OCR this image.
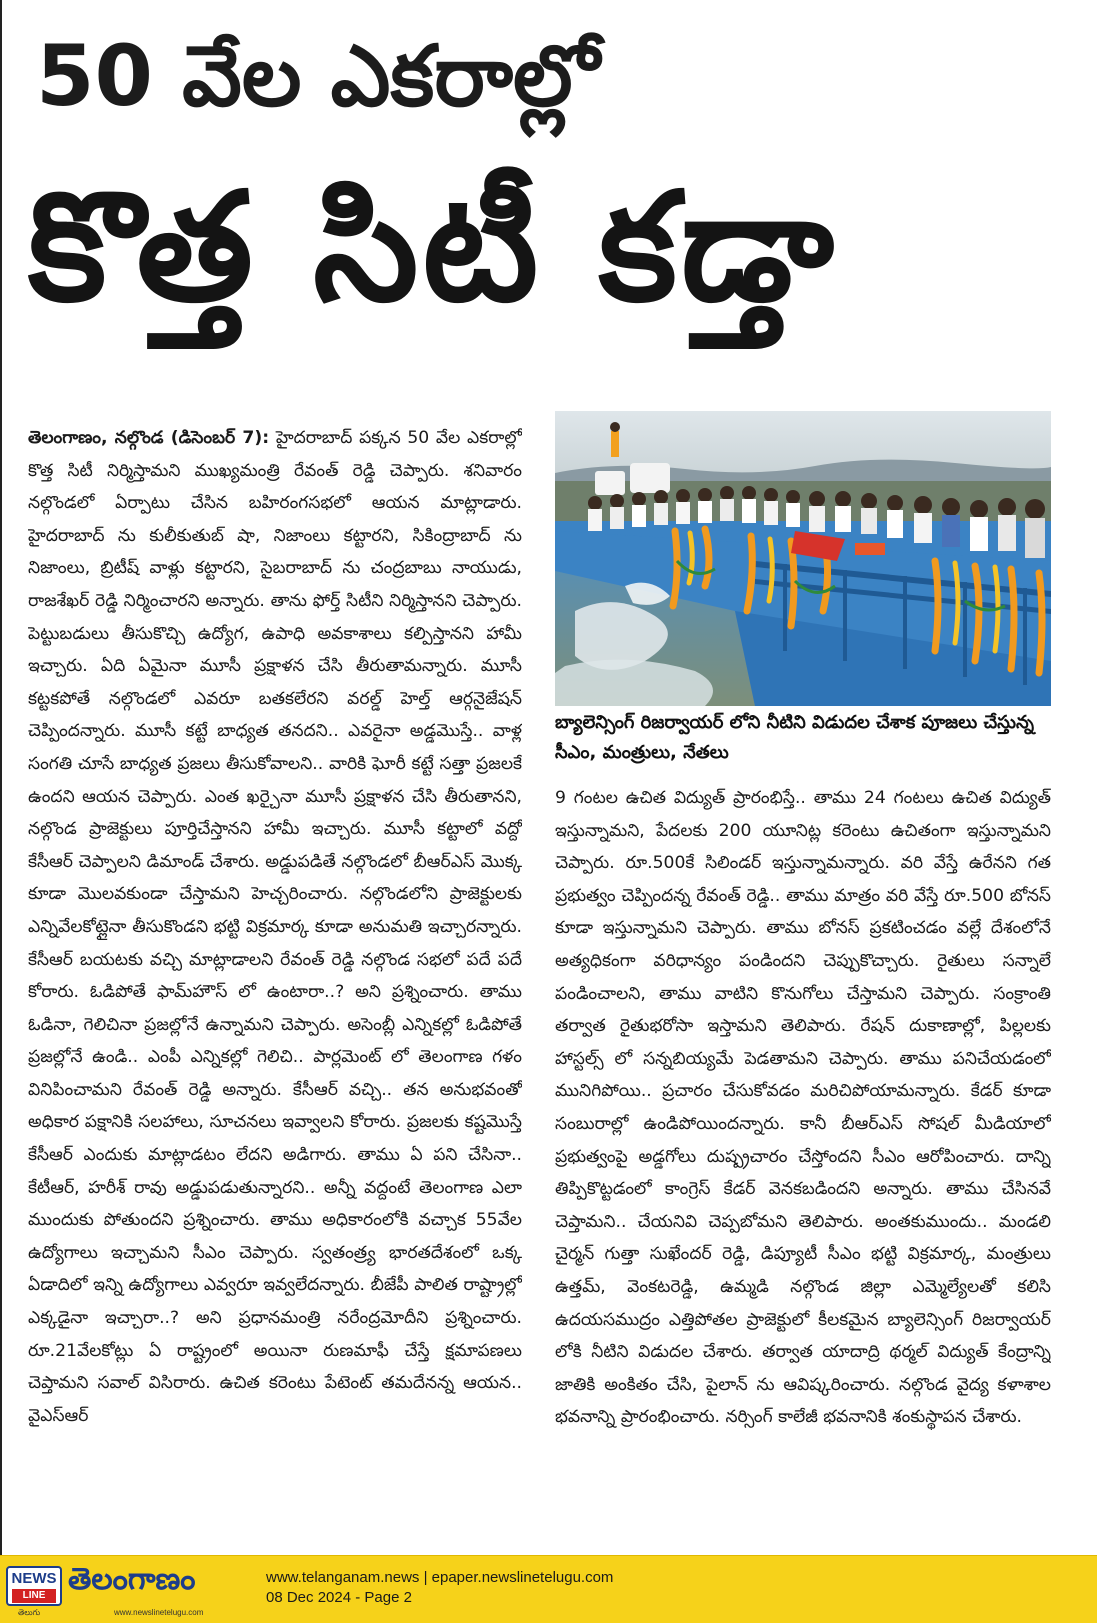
50 వేల ఎకరాల్లో
కొత్త సిటీ కడ్తా
తెలంగాణం, నల్గొండ (డిసెంబర్ 7): హైదరాబాద్ పక్కన 50 వేల ఎకరాల్లో కొత్త సిటీ నిర్మిస్తామని ముఖ్యమంత్రి రేవంత్ రెడ్డి చెప్పారు. శనివారం నల్గొండలో ఏర్పాటు చేసిన బహిరంగసభలో ఆయన మాట్లాడారు. హైదరాబాద్ ను కులీకుతుబ్ షా, నిజాంలు కట్టారని, సికింద్రాబాద్ ను నిజాంలు, బ్రిటీష్ వాళ్లు కట్టారని, సైబరాబాద్ ను చంద్రబాబు నాయుడు, రాజశేఖర్ రెడ్డి నిర్మించారని అన్నారు. తాను ఫోర్త్ సిటీని నిర్మిస్తానని చెప్పారు. పెట్టుబడులు తీసుకొచ్చి ఉద్యోగ, ఉపాధి అవకాశాలు కల్పిస్తానని హామీ ఇచ్చారు. ఏది ఏమైనా మూసీ ప్రక్షాళన చేసి తీరుతామన్నారు. మూసీ కట్టకపోతే నల్గొండలో ఎవరూ బతకలేరని వరల్డ్ హెల్త్ ఆర్గనైజేషన్ చెప్పిందన్నారు. మూసీ కట్టే బాధ్యత తనదని.. ఎవరైనా అడ్డమొస్తే.. వాళ్ల సంగతి చూసే బాధ్యత ప్రజలు తీసుకోవాలని.. వారికి ఘోరీ కట్టే సత్తా ప్రజలకే ఉందని ఆయన చెప్పారు. ఎంత ఖర్చైనా మూసీ ప్రక్షాళన చేసి తీరుతానని, నల్గొండ ప్రాజెక్టులు పూర్తిచేస్తానని హామీ ఇచ్చారు. మూసీ కట్టాలో వద్దో కేసీఆర్ చెప్పాలని డిమాండ్ చేశారు. అడ్డుపడితే నల్గొండలో బీఆర్ఎస్ మొక్క కూడా మొలవకుండా చేస్తామని హెచ్చరించారు. నల్గొండలోని ప్రాజెక్టులకు ఎన్నివేలకోట్లైనా తీసుకొండని భట్టి విక్రమార్క కూడా అనుమతి ఇచ్చారన్నారు. కేసీఆర్ బయటకు వచ్చి మాట్లాడాలని రేవంత్ రెడ్డి నల్గొండ సభలో పదే పదే కోరారు. ఓడిపోతే ఫామ్‌హౌస్ లో ఉంటారా..? అని ప్రశ్నించారు. తాము ఓడినా, గెలిచినా ప్రజల్లోనే ఉన్నామని చెప్పారు. అసెంబ్లీ ఎన్నికల్లో ఓడిపోతే ప్రజల్లోనే ఉండి.. ఎంపీ ఎన్నికల్లో గెలిచి.. పార్లమెంట్ లో తెలంగాణ గళం వినిపించామని రేవంత్ రెడ్డి అన్నారు. కేసీఆర్ వచ్చి.. తన అనుభవంతో అధికార పక్షానికి సలహాలు, సూచనలు ఇవ్వాలని కోరారు. ప్రజలకు కష్టమొస్తే కేసీఆర్ ఎందుకు మాట్లాడటం లేదని అడిగారు. తాము ఏ పని చేసినా.. కేటీఆర్, హరీశ్ రావు అడ్డుపడుతున్నారని.. అన్నీ వద్దంటే తెలంగాణ ఎలా ముందుకు పోతుందని ప్రశ్నించారు. తాము అధికారంలోకి వచ్చాక 55వేల ఉద్యోగాలు ఇచ్చామని సీఎం చెప్పారు. స్వతంత్ర్య భారతదేశంలో ఒక్క ఏడాదిలో ఇన్ని ఉద్యోగాలు ఎవ్వరూ ఇవ్వలేదన్నారు. బీజేపీ పాలిత రాష్ట్రాల్లో ఎక్కడైనా ఇచ్చారా..? అని ప్రధానమంత్రి నరేంద్రమోదీని ప్రశ్నించారు. రూ.21వేలకోట్లు ఏ రాష్ట్రంలో అయినా రుణమాఫీ చేస్తే క్షమాపణలు చెప్తామని సవాల్ విసిరారు. ఉచిత కరెంటు పేటెంట్ తమదేనన్న ఆయన.. వైఎస్ఆర్
బ్యాలెన్సింగ్ రిజర్వాయర్ లోని నీటిని విడుదల చేశాక పూజలు చేస్తున్న సీఎం, మంత్రులు, నేతలు
9 గంటల ఉచిత విద్యుత్ ప్రారంభిస్తే.. తాము 24 గంటలు ఉచిత విద్యుత్ ఇస్తున్నామని, పేదలకు 200 యూనిట్ల కరెంటు ఉచితంగా ఇస్తున్నామని చెప్పారు. రూ.500కే సిలిండర్ ఇస్తున్నామన్నారు. వరి వేస్తే ఉరేనని గత ప్రభుత్వం చెప్పిందన్న రేవంత్ రెడ్డి.. తాము మాత్రం వరి వేస్తే రూ.500 బోనస్ కూడా ఇస్తున్నామని చెప్పారు. తాము బోనస్ ప్రకటించడం వల్లే దేశంలోనే అత్యధికంగా వరిధాన్యం పండిందని చెప్పుకొచ్చారు. రైతులు సన్నాలే పండించాలని, తాము వాటిని కొనుగోలు చేస్తామని చెప్పారు. సంక్రాంతి తర్వాత రైతుభరోసా ఇస్తామని తెలిపారు. రేషన్ దుకాణాల్లో, పిల్లలకు హాస్టల్స్ లో సన్నబియ్యమే పెడతామని చెప్పారు. తాము పనిచేయడంలో మునిగిపోయి.. ప్రచారం చేసుకోవడం మరిచిపోయామన్నారు. కేడర్ కూడా సంబురాల్లో ఉండిపోయిందన్నారు. కానీ బీఆర్ఎస్ సోషల్ మీడియాలో ప్రభుత్వంపై అడ్డగోలు దుష్ప్రచారం చేస్తోందని సీఎం ఆరోపించారు. దాన్ని తిప్పికొట్టడంలో కాంగ్రెస్ కేడర్ వెనకబడిందని అన్నారు. తాము చేసినవే చెప్తామని.. చేయనివి చెప్పబోమని తెలిపారు. అంతకుముందు.. మండలి చైర్మన్ గుత్తా సుఖేందర్ రెడ్డి, డిప్యూటీ సీఎం భట్టి విక్రమార్క, మంత్రులు ఉత్తమ్, వెంకటరెడ్డి, ఉమ్మడి నల్గొండ జిల్లా ఎమ్మెల్యేలతో కలిసి ఉదయసముద్రం ఎత్తిపోతల ప్రాజెక్టులో కీలకమైన బ్యాలెన్సింగ్ రిజర్వాయర్ లోకి నీటిని విడుదల చేశారు. తర్వాత యాదాద్రి థర్మల్ విద్యుత్ కేంద్రాన్ని జాతికి అంకితం చేసి, పైలాన్ ను ఆవిష్కరించారు. నల్గొండ వైద్య కళాశాల భవనాన్ని ప్రారంభించారు. నర్సింగ్ కాలేజీ భవనానికి శంకుస్థాపన చేశారు.
NEWS
LINE తెలంగాణం
తెలుగు	www.newslinetelugu.com
www.telanganam.news | epaper.newslinetelugu.com
08 Dec 2024 - Page 2
